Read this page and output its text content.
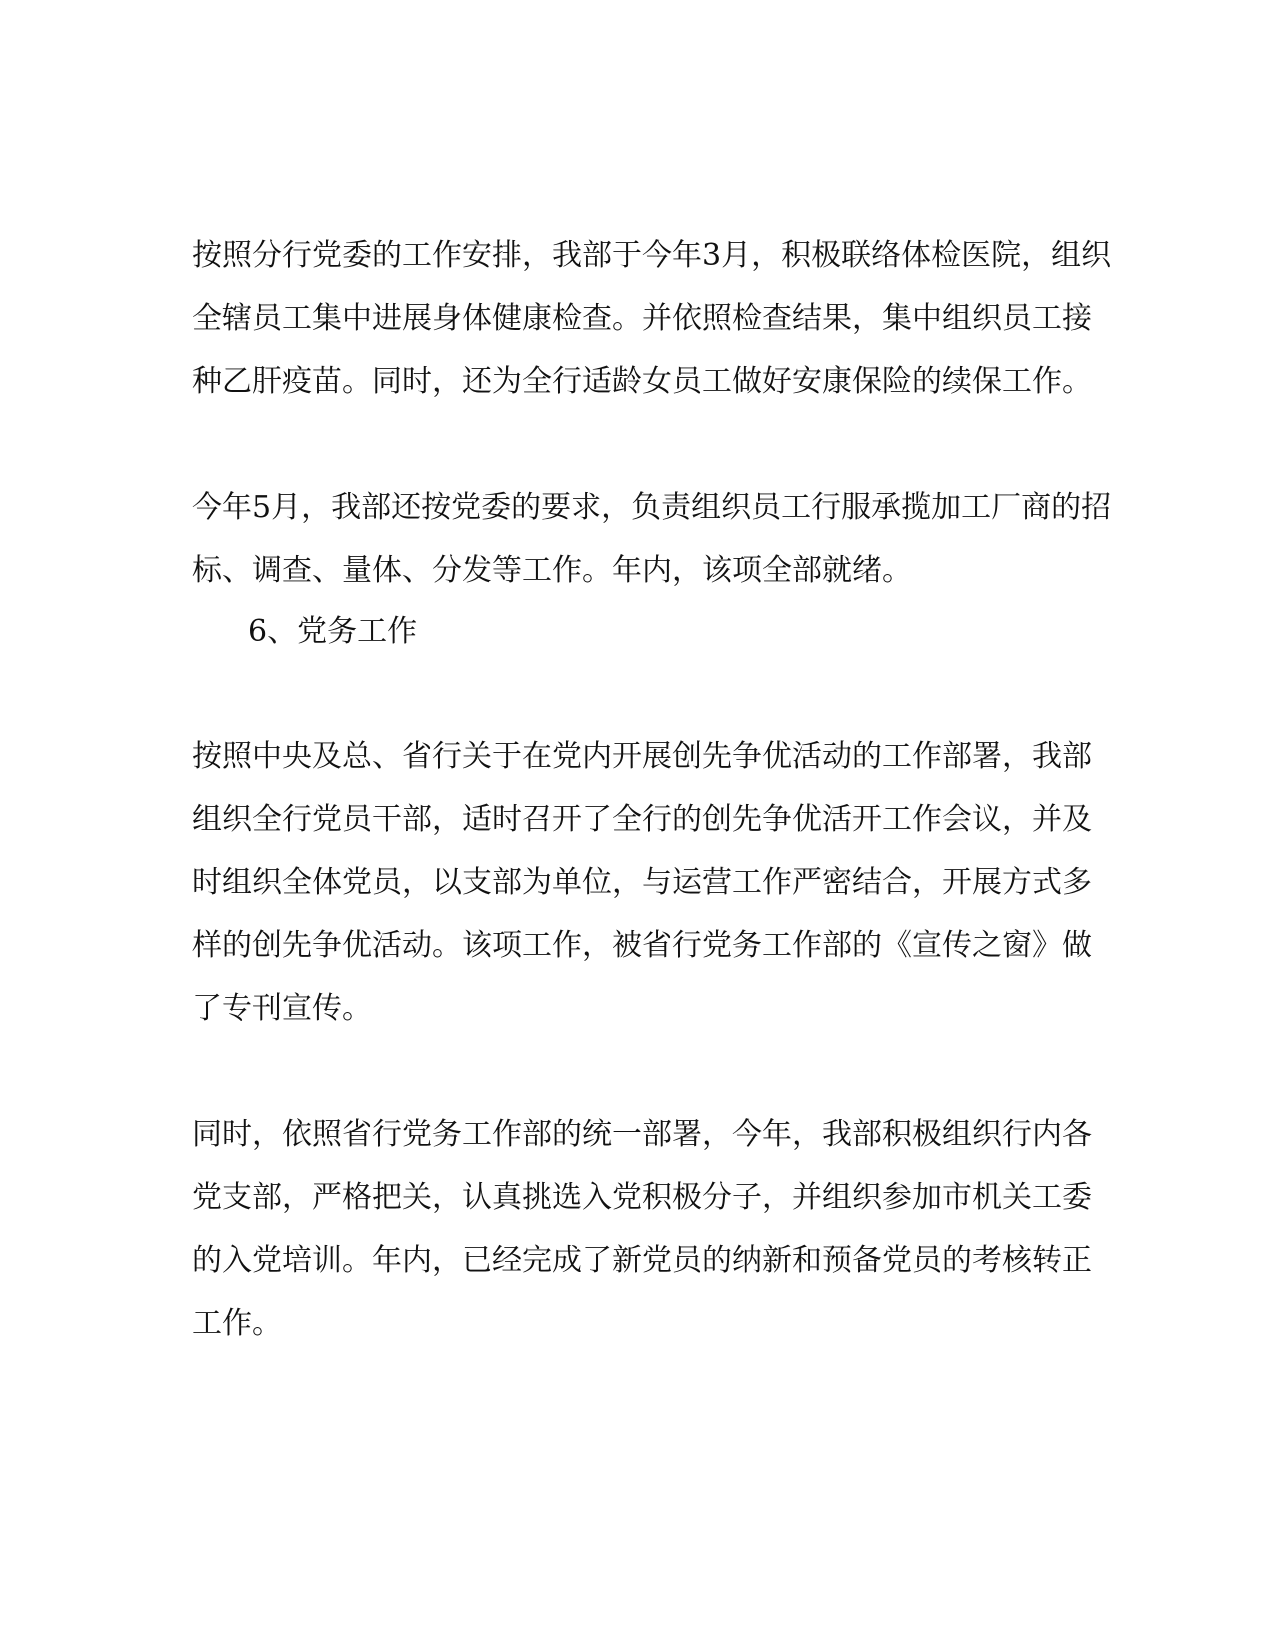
按照分行党委的工作安排，我部于今年3月，积极联络体检医院，组织
全辖员工集中进展身体健康检查。并依照检查结果，集中组织员工接
种乙肝疫苗。同时，还为全行适龄女员工做好安康保险的续保工作。
今年5月，我部还按党委的要求，负责组织员工行服承揽加工厂商的招
标、调查、量体、分发等工作。年内，该项全部就绪。
6、党务工作
按照中央及总、省行关于在党内开展创先争优活动的工作部署，我部
组织全行党员干部，适时召开了全行的创先争优活开工作会议，并及
时组织全体党员，以支部为单位，与运营工作严密结合，开展方式多
样的创先争优活动。该项工作，被省行党务工作部的《宣传之窗》做
了专刊宣传。
同时，依照省行党务工作部的统一部署，今年，我部积极组织行内各
党支部，严格把关，认真挑选入党积极分子，并组织参加市机关工委
的入党培训。年内，已经完成了新党员的纳新和预备党员的考核转正
工作。
